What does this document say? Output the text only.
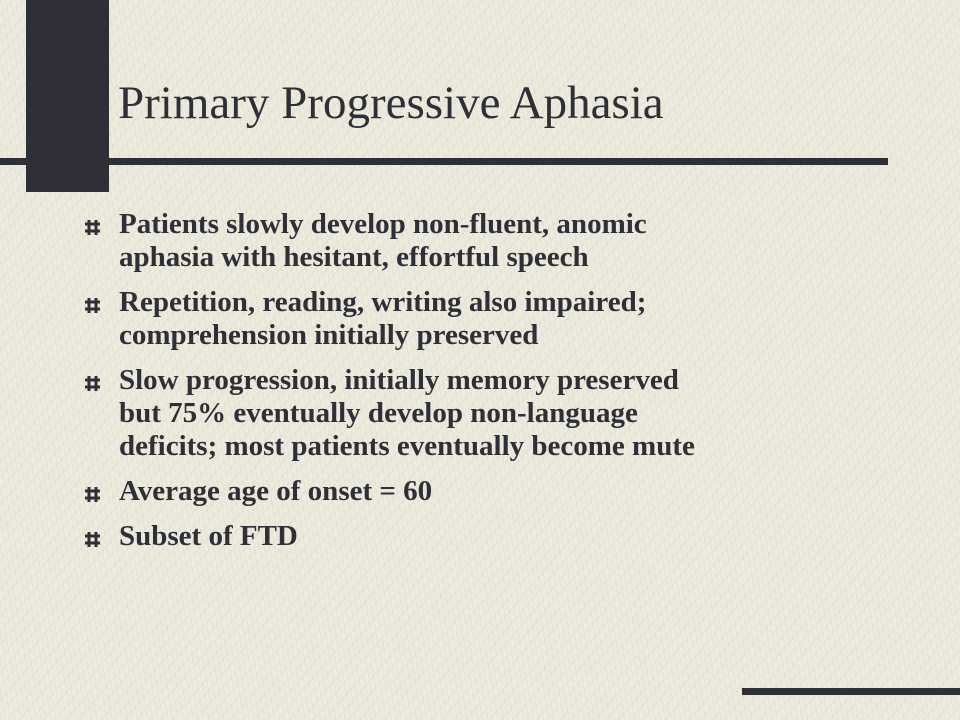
Primary Progressive Aphasia
Patients slowly develop non-fluent, anomic
aphasia with hesitant, effortful speech
Repetition, reading, writing also impaired;
comprehension initially preserved
Slow progression, initially memory preserved
but 75% eventually develop non-language
deficits; most patients eventually become mute
Average age of onset = 60
Subset of FTD
